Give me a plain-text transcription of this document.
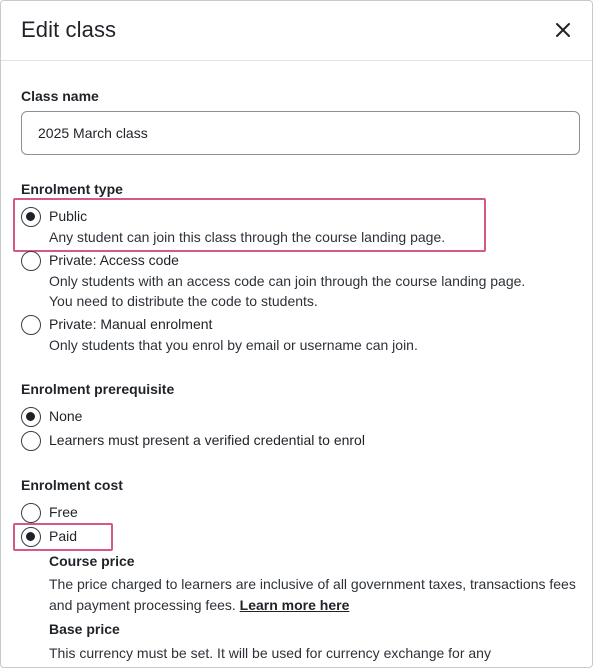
Edit class
Class name
2025 March class
Enrolment type
Public
Any student can join this class through the course landing page.
Private: Access code
Only students with an access code can join through the course landing page.
You need to distribute the code to students.
Private: Manual enrolment
Only students that you enrol by email or username can join.
Enrolment prerequisite
None
Learners must present a verified credential to enrol
Enrolment cost
Free
Paid
Course price
The price charged to learners are inclusive of all government taxes, transactions fees and payment processing fees. Learn more here
Base price
This currency must be set. It will be used for currency exchange for any
